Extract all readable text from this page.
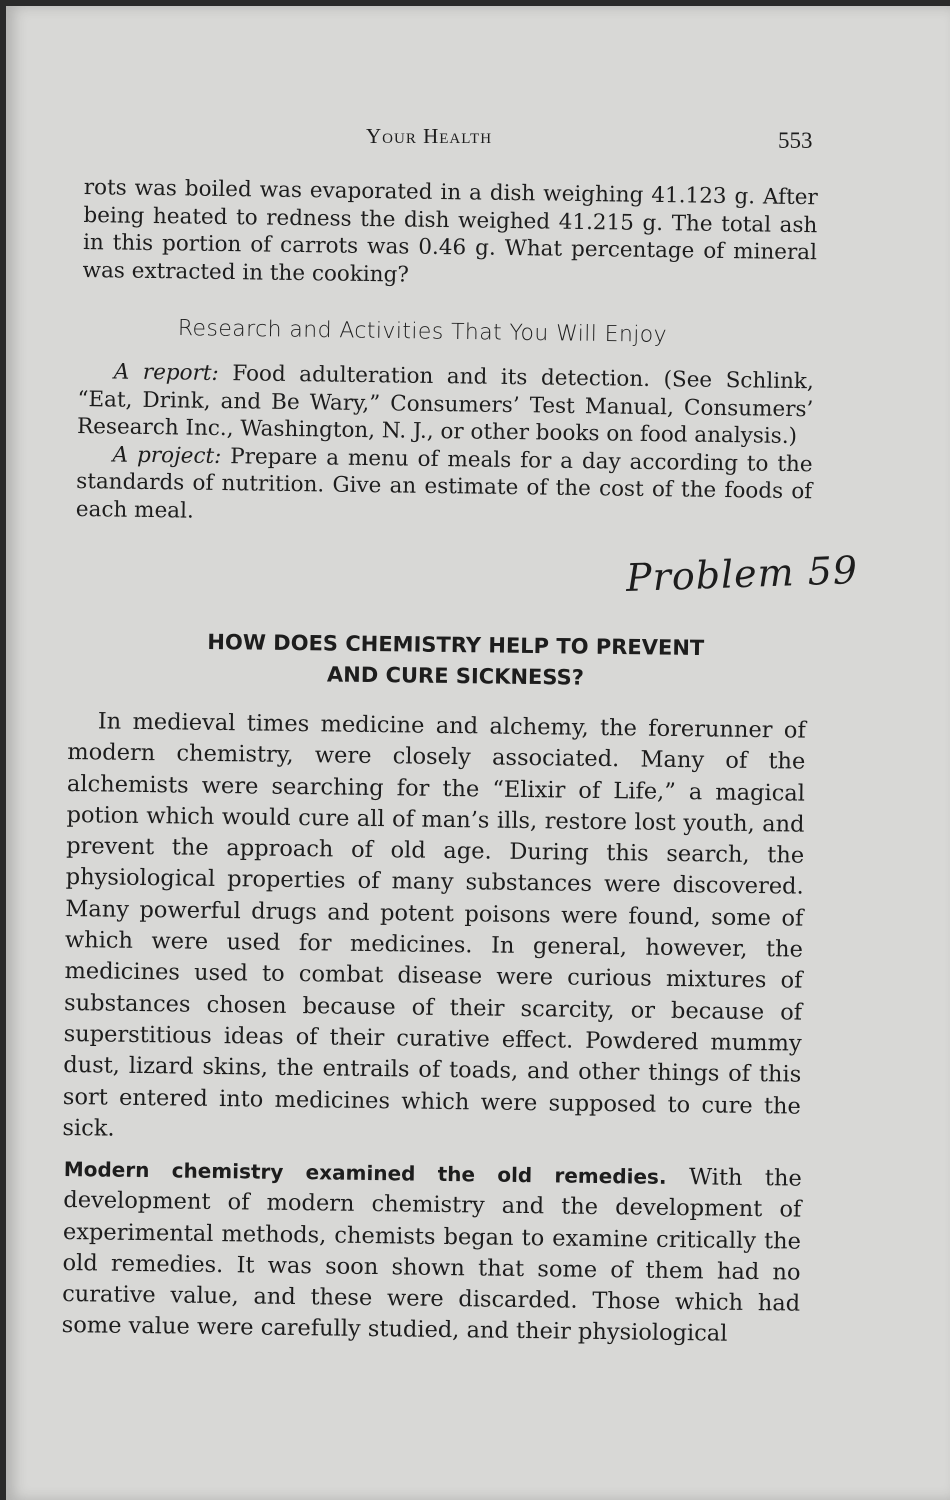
Your Health	553

rots was boiled was evaporated in a dish weighing 41.123 g. After being heated to redness the dish weighed 41.215 g. The total ash in this portion of carrots was 0.46 g. What percentage of mineral was extracted in the cooking?

Research and Activities That You Will Enjoy

A report: Food adulteration and its detection. (See Schlink, “Eat, Drink, and Be Wary,” Consumers’ Test Manual, Consumers’ Research Inc., Washington, N. J., or other books on food analysis.)

A project: Prepare a menu of meals for a day according to the standards of nutrition. Give an estimate of the cost of the foods of each meal.

Problem 59
HOW DOES CHEMISTRY HELP TO PREVENT
AND CURE SICKNESS?

In medieval times medicine and alchemy, the forerunner of modern chemistry, were closely associated. Many of the alchemists were searching for the “Elixir of Life,” a magical potion which would cure all of man’s ills, restore lost youth, and prevent the approach of old age. During this search, the physiological properties of many substances were discovered. Many powerful drugs and potent poisons were found, some of which were used for medicines. In general, however, the medicines used to combat disease were curious mixtures of substances chosen because of their scarcity, or because of superstitious ideas of their curative effect. Powdered mummy dust, lizard skins, the entrails of toads, and other things of this sort entered into medicines which were supposed to cure the sick.

Modern chemistry examined the old remedies. With the development of modern chemistry and the development of experimental methods, chemists began to examine critically the old remedies. It was soon shown that some of them had no curative value, and these were discarded. Those which had some value were carefully studied, and their physiological
